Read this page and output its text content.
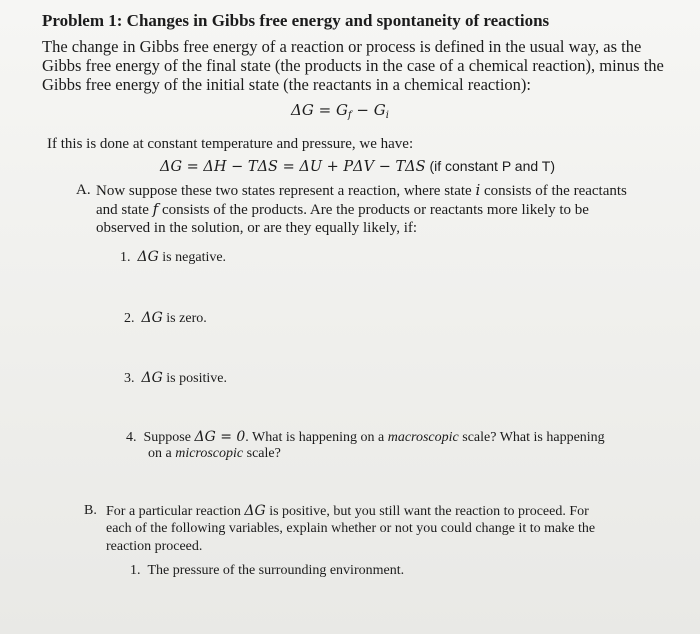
Problem 1: Changes in Gibbs free energy and spontaneity of reactions
The change in Gibbs free energy of a reaction or process is defined in the usual way, as the
Gibbs free energy of the final state (the products in the case of a chemical reaction), minus the
Gibbs free energy of the initial state (the reactants in a chemical reaction):
$\Delta G = G_f - G_i$
If this is done at constant temperature and pressure, we have:
ΔG = ΔH − TΔS = ΔU + PΔV − TΔS (if constant P and T)
A. Now suppose these two states represent a reaction, where state i consists of the reactants
and state f consists of the products. Are the products or reactants more likely to be
observed in the solution, or are they equally likely, if:
1. ΔG is negative.
2. ΔG is zero.
3. ΔG is positive.
4. Suppose ΔG = 0. What is happening on a macroscopic scale? What is happening
on a microscopic scale?
B. For a particular reaction ΔG is positive, but you still want the reaction to proceed. For
each of the following variables, explain whether or not you could change it to make the
reaction proceed.
1. The pressure of the surrounding environment.
